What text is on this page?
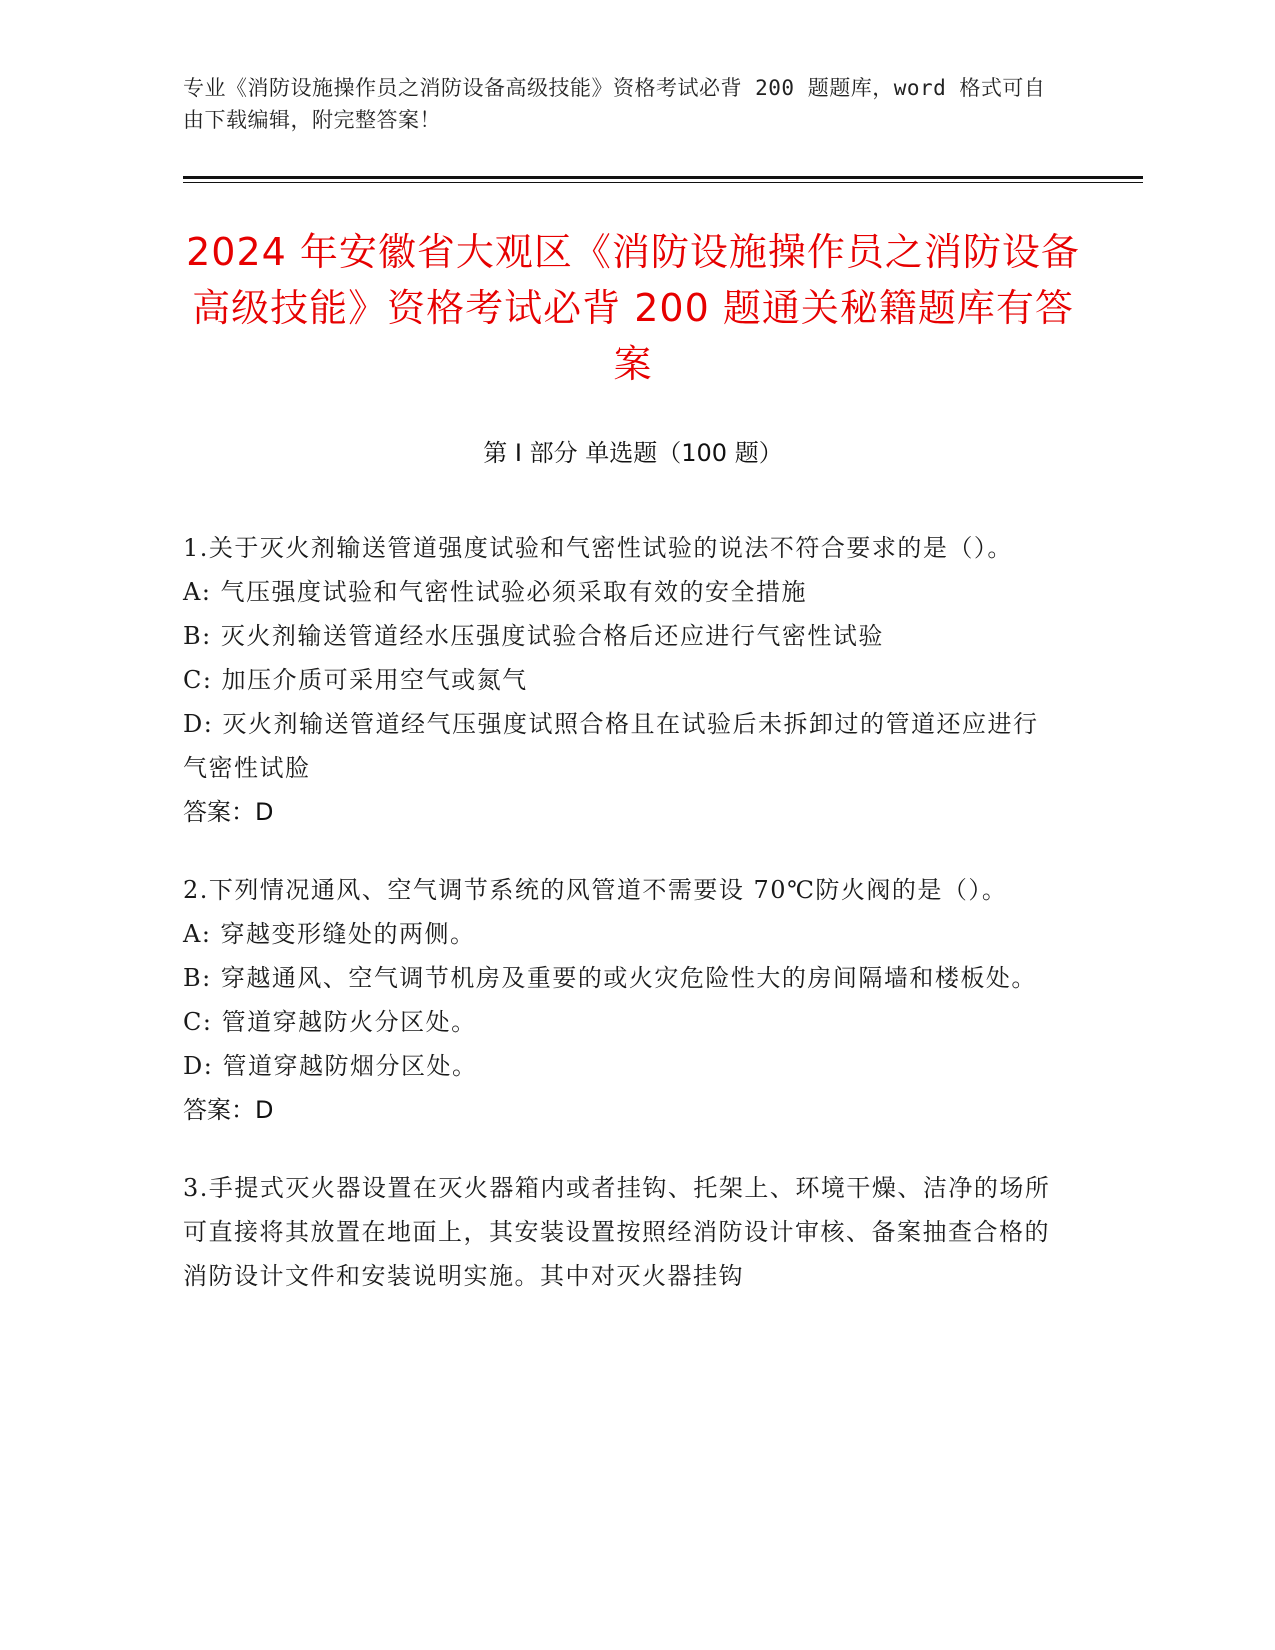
专业《消防设施操作员之消防设备高级技能》资格考试必背 200 题题库，word 格式可自由下载编辑，附完整答案！
2024 年安徽省大观区《消防设施操作员之消防设备高级技能》资格考试必背 200 题通关秘籍题库有答案
第 I 部分 单选题（100 题）

1.关于灭火剂输送管道强度试验和气密性试验的说法不符合要求的是（）。

A: 气压强度试验和气密性试验必须采取有效的安全措施

B: 灭火剂输送管道经水压强度试验合格后还应进行气密性试验

C: 加压介质可采用空气或氮气

D: 灭火剂输送管道经气压强度试照合格且在试验后未拆卸过的管道还应进行气密性试脸

答案：D

2.下列情况通风、空气调节系统的风管道不需要设 70℃防火阀的是（）。

A: 穿越变形缝处的两侧。

B: 穿越通风、空气调节机房及重要的或火灾危险性大的房间隔墙和楼板处。

C: 管道穿越防火分区处。

D: 管道穿越防烟分区处。

答案：D

3.手提式灭火器设置在灭火器箱内或者挂钩、托架上、环境干燥、洁净的场所可直接将其放置在地面上，其安装设置按照经消防设计审核、备案抽查合格的消防设计文件和安装说明实施。其中对灭火器挂钩
